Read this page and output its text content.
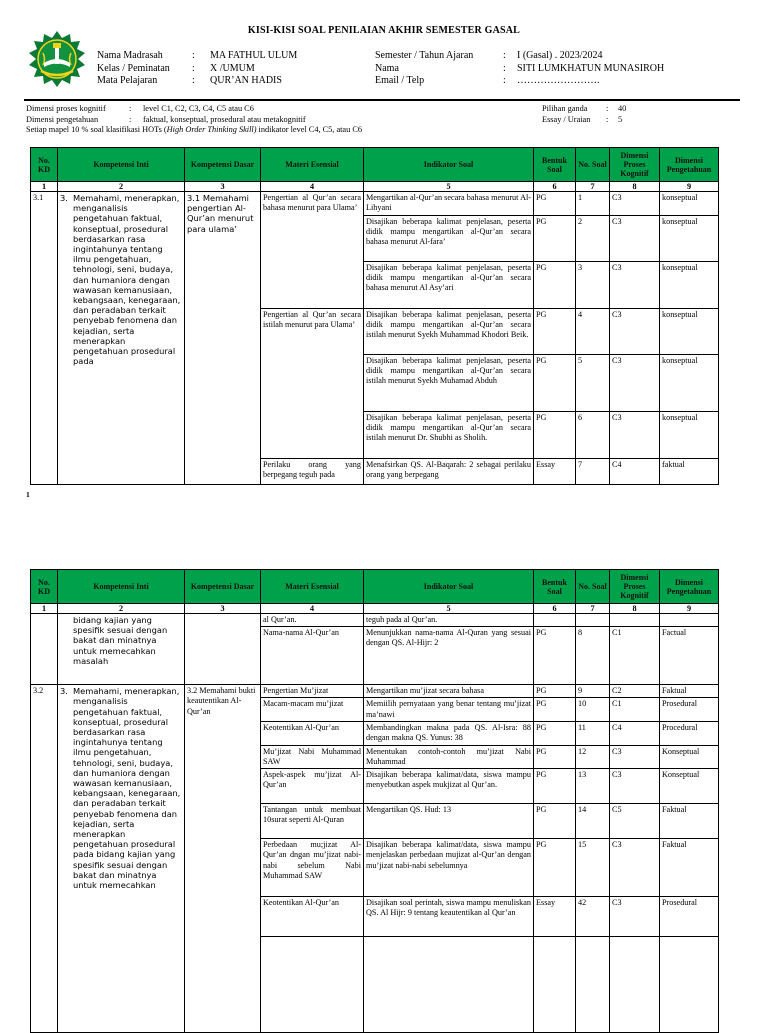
KISI-KISI SOAL PENILAIAN AKHIR SEMESTER GASAL
Nama Madrasah	:	MA FATHUL ULUM
Kelas / Peminatan	:	X /UMUM
Mata Pelajaran	:	QUR’AN HADIS
Semester / Tahun Ajaran	:	I (Gasal) . 2023/2024
Nama	:	SITI LUMKHATUN MUNASIROH
Email / Telp	:	…………………….
Dimensi proses kognitif	: level C1, C2, C3, C4, C5 atau C6
Dimensi pengetahuan	: faktual, konseptual, prosedural atau metakognitif
Setiap mapel 10 % soal klasifikasi HOTs (High Order Thinking Skill) indikator level C4, C5, atau C6
Pilihan ganda : 40
Essay / Uraian : 5
No. KD	Kompetensi Inti	Kompetensi Dasar	Materi Esensial	Indikator Soal	Bentuk Soal	No. Soal	Dimensi Proses Kognitif	Dimensi Pengetahuan
1	2	3	4	5	6	7	8	9
3.1	3. Memahami, menerapkan, menganalisis pengetahuan faktual, konseptual, prosedural berdasarkan rasa ingintahunya tentang ilmu pengetahuan, tehnologi, seni, budaya, dan humaniora dengan wawasan kemanusiaan, kebangsaan, kenegaraan, dan peradaban terkait penyebab fenomena dan kejadian, serta menerapkan pengetahuan prosedural pada	3.1 Memahami pengertian Al-Qur’an menurut para ulama’	Pengertian al Qur’an secara bahasa menurut para Ulama’	Mengartikan al-Qur’an secara bahasa menurut Al-Lihyani	PG	1	C3	konseptual
				Disajikan beberapa kalimat penjelasan, peserta didik mampu mengartikan al-Qur’an secara bahasa menurut Al-fara’	PG	2	C3	konseptual
				Disajikan beberapa kalimat penjelasan, peserta didik mampu mengartikan al-Qur’an secara bahasa menurut Al Asy’ari	PG	3	C3	konseptual
			Pengertian al Qur’an secara istilah menurut para Ulama’	Disajikan beberapa kalimat penjelasan, peserta didik mampu mengartikan al-Qur’an secara istilah menurut Syekh Muhammad Khodori Beik.	PG	4	C3	konseptual
				Disajikan beberapa kalimat penjelasan, peserta didik mampu mengartikan al-Qur’an secara istilah menurut Syekh Muhamad Abduh	PG	5	C3	konseptual
				Disajikan beberapa kalimat penjelasan, peserta didik mampu mengartikan al-Qur’an secara istilah menurut Dr. Shubhi as Sholih.	PG	6	C3	konseptual
			Perilaku orang yang berpegang teguh pada	Menafsirkan QS. Al-Baqarah: 2 sebagai perilaku orang yang berpegang	Essay	7	C4	faktual
1
No. KD	Kompetensi Inti	Kompetensi Dasar	Materi Esensial	Indikator Soal	Bentuk Soal	No. Soal	Dimensi Proses Kognitif	Dimensi Pengetahuan
1	2	3	4	5	6	7	8	9

	bidang kajian yang spesifik sesuai dengan bakat dan minatnya untuk memecahkan masalah		al Qur’an.	teguh pada al Qur’an.				
			Nama-nama Al-Qur’an	Menunjukkan nama-nama Al-Quran yang sesuai dengan QS. Al-Hijr: 2	PG	8	C1	Factual
3.2	3. Memahami, menerapkan, menganalisis pengetahuan faktual, konseptual, prosedural berdasarkan rasa ingintahunya tentang ilmu pengetahuan, tehnologi, seni, budaya, dan humaniora dengan wawasan kemanusiaan, kebangsaan, kenegaraan, dan peradaban terkait penyebab fenomena dan kejadian, serta menerapkan pengetahuan prosedural pada bidang kajian yang spesifik sesuai dengan bakat dan minatnya untuk memecahkan	3.2 Memahami bukti keautentikan Al-Qur’an	Pengertian Mu’jizat	Mengartikan mu’jizat secara bahasa	PG	9	C2	Faktual
			Macam-macam mu’jizat	Memiilih pernyataan yang benar tentang mu’jizat ma’nawi	PG	10	C1	Prosedural
			Keotentikan Al-Qur’an	Membandingkan makna pada QS. Al-Isra: 88 dengan makna QS. Yunus: 38	PG	11	C4	Procedural
			Mu’jizat Nabi Muhammad SAW	Menentukan contoh-contoh mu’jizat Nabi Muhammad	PG	12	C3	Konseptual
			Aspek-aspek mu’jizat Al-Qur’an	Disajikan beberapa kalimat/data, siswa mampu menyebutkan aspek mukjizat al Qur’an.	PG	13	C3	Konseptual
			Tantangan untuk membuat 10surat seperti Al-Quran	Mengartikan QS. Hud: 13	PG	14	C5	Faktual
			Perbedaan mu;jizat Al-Qur’an dngan mu’jizat nabi-nabi sebelum Nabi Muhammad SAW	Disajikan beberapa kalimat/data, siswa mampu menjelaskan perbedaan mujizat al-Qur’an dengan mu’jizat nabi-nabi sebelumnya	PG	15	C3	Faktual
			Keotentikan Al-Qur’an	Disajikan soal perintah, siswa mampu menuliskan QS. Al Hijr: 9 tentang keautentikan al Qur’an	Essay	42	C3	Prosedural
